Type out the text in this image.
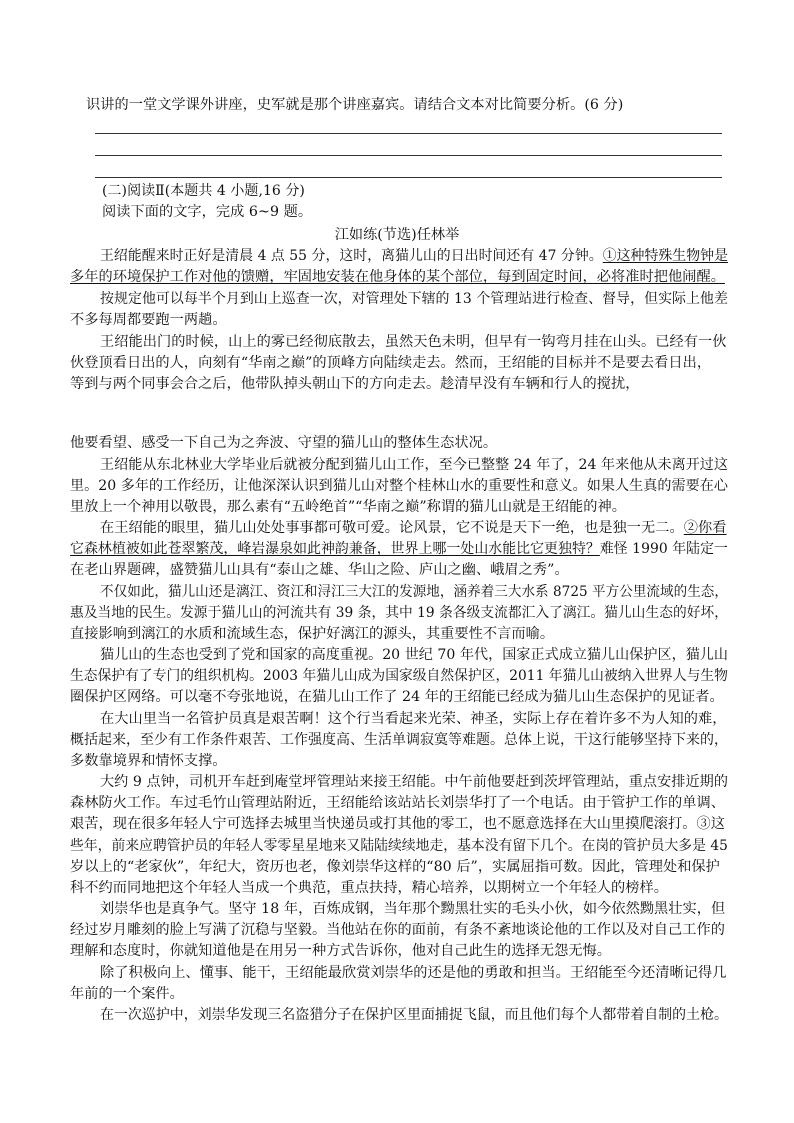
识讲的一堂文学课外讲座，史军就是那个讲座嘉宾。请结合文本对比简要分析。(6 分)
(二)阅读Ⅱ(本题共 4 小题,16 分)
阅读下面的文字，完成 6~9 题。
江如练(节选)任林举
王绍能醒来时正好是清晨 4 点 55 分，这时，离猫儿山的日出时间还有 47 分钟。①这种特殊生物钟是
多年的环境保护工作对他的馈赠，牢固地安装在他身体的某个部位，每到固定时间，必将准时把他闹醒。
按规定他可以每半个月到山上巡查一次，对管理处下辖的 13 个管理站进行检查、督导，但实际上他差
不多每周都要跑一两趟。
王绍能出门的时候，山上的雾已经彻底散去，虽然天色未明，但早有一钩弯月挂在山头。已经有一伙
伙登顶看日出的人，向刻有“华南之巅”的顶峰方向陆续走去。然而，王绍能的目标并不是要去看日出，
等到与两个同事会合之后，他带队掉头朝山下的方向走去。趁清早没有车辆和行人的搅扰，
他要看望、感受一下自己为之奔波、守望的猫儿山的整体生态状况。
王绍能从东北林业大学毕业后就被分配到猫儿山工作，至今已整整 24 年了，24 年来他从未离开过这
里。20 多年的工作经历，让他深深认识到猫儿山对整个桂林山水的重要性和意义。如果人生真的需要在心
里放上一个神用以敬畏，那么素有“五岭绝首”“华南之巅”称谓的猫儿山就是王绍能的神。
在王绍能的眼里，猫儿山处处事事都可敬可爱。论风景，它不说是天下一绝，也是独一无二。②你看
它森林植被如此苍翠繁茂，峰岩瀑泉如此神韵兼备，世界上哪一处山水能比它更独特？难怪 1990 年陆定一
在老山界题碑，盛赞猫儿山具有“泰山之雄、华山之险、庐山之幽、峨眉之秀”。
不仅如此，猫儿山还是漓江、资江和浔江三大江的发源地，涵养着三大水系 8725 平方公里流域的生态，
惠及当地的民生。发源于猫儿山的河流共有 39 条，其中 19 条各级支流都汇入了漓江。猫儿山生态的好坏，
直接影响到漓江的水质和流域生态，保护好漓江的源头，其重要性不言而喻。
猫儿山的生态也受到了党和国家的高度重视。20 世纪 70 年代，国家正式成立猫儿山保护区，猫儿山
生态保护有了专门的组织机构。2003 年猫儿山成为国家级自然保护区，2011 年猫儿山被纳入世界人与生物
圈保护区网络。可以毫不夸张地说，在猫儿山工作了 24 年的王绍能已经成为猫儿山生态保护的见证者。
在大山里当一名管护员真是艰苦啊！这个行当看起来光荣、神圣，实际上存在着许多不为人知的难，
概括起来，至少有工作条件艰苦、工作强度高、生活单调寂寞等难题。总体上说，干这行能够坚持下来的，
多数靠境界和情怀支撑。
大约 9 点钟，司机开车赶到庵堂坪管理站来接王绍能。中午前他要赶到茨坪管理站，重点安排近期的
森林防火工作。车过毛竹山管理站附近，王绍能给该站站长刘崇华打了一个电话。由于管护工作的单调、
艰苦，现在很多年轻人宁可选择去城里当快递员或打其他的零工，也不愿意选择在大山里摸爬滚打。③这
些年，前来应聘管护员的年轻人零零星星地来又陆陆续续地走，基本没有留下几个。在岗的管护员大多是 45
岁以上的“老家伙”，年纪大，资历也老，像刘崇华这样的“80 后”，实属屈指可数。因此，管理处和保护
科不约而同地把这个年轻人当成一个典范，重点扶持，精心培养，以期树立一个年轻人的榜样。
刘崇华也是真争气。坚守 18 年，百炼成钢，当年那个黝黑壮实的毛头小伙，如今依然黝黑壮实，但
经过岁月雕刻的脸上写满了沉稳与坚毅。当他站在你的面前，有条不紊地谈论他的工作以及对自己工作的
理解和态度时，你就知道他是在用另一种方式告诉你，他对自己此生的选择无怨无悔。
除了积极向上、懂事、能干，王绍能最欣赏刘崇华的还是他的勇敢和担当。王绍能至今还清晰记得几
年前的一个案件。
在一次巡护中，刘崇华发现三名盗猎分子在保护区里面捕捉飞鼠，而且他们每个人都带着自制的土枪。
